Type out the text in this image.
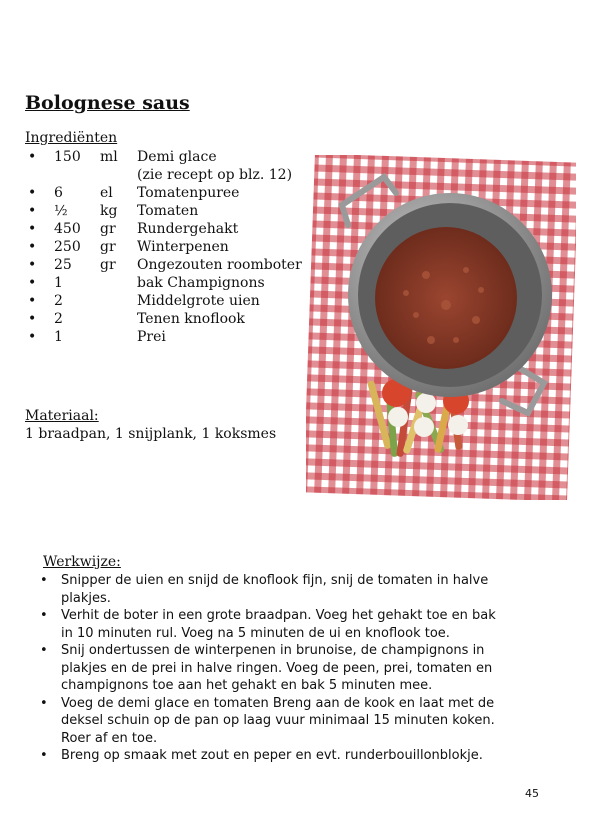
Bolognese saus
Ingrediënten
• 150 ml Demi glace
(zie recept op blz. 12)
• 6	el Tomatenpuree
• ½ kg Tomaten
• 450 gr Rundergehakt
• 250 gr Winterpenen
• 25 gr Ongezouten roomboter
• 1	bak Champignons
• 2	Middelgrote uien
• 2	Tenen knoflook
• 1	Prei
Materiaal:

1 braadpan, 1 snijplank, 1 koksmes

Werkwijze:
• Snipper de uien en snijd de knoflook fijn, snij de tomaten in halve plakjes.
• Verhit de boter in een grote braadpan. Voeg het gehakt toe en bak in 10 minuten rul. Voeg na 5 minuten de ui en knoflook toe.
• Snij ondertussen de winterpenen in brunoise, de champignons in plakjes en de prei in halve ringen. Voeg de peen, prei, tomaten en champignons toe aan het gehakt en bak 5 minuten mee.
• Voeg de demi glace en tomaten Breng aan de kook en laat met de deksel schuin op de pan op laag vuur minimaal 15 minuten koken. Roer af en toe.
• Breng op smaak met zout en peper en evt. runderbouillonblokje.
45
